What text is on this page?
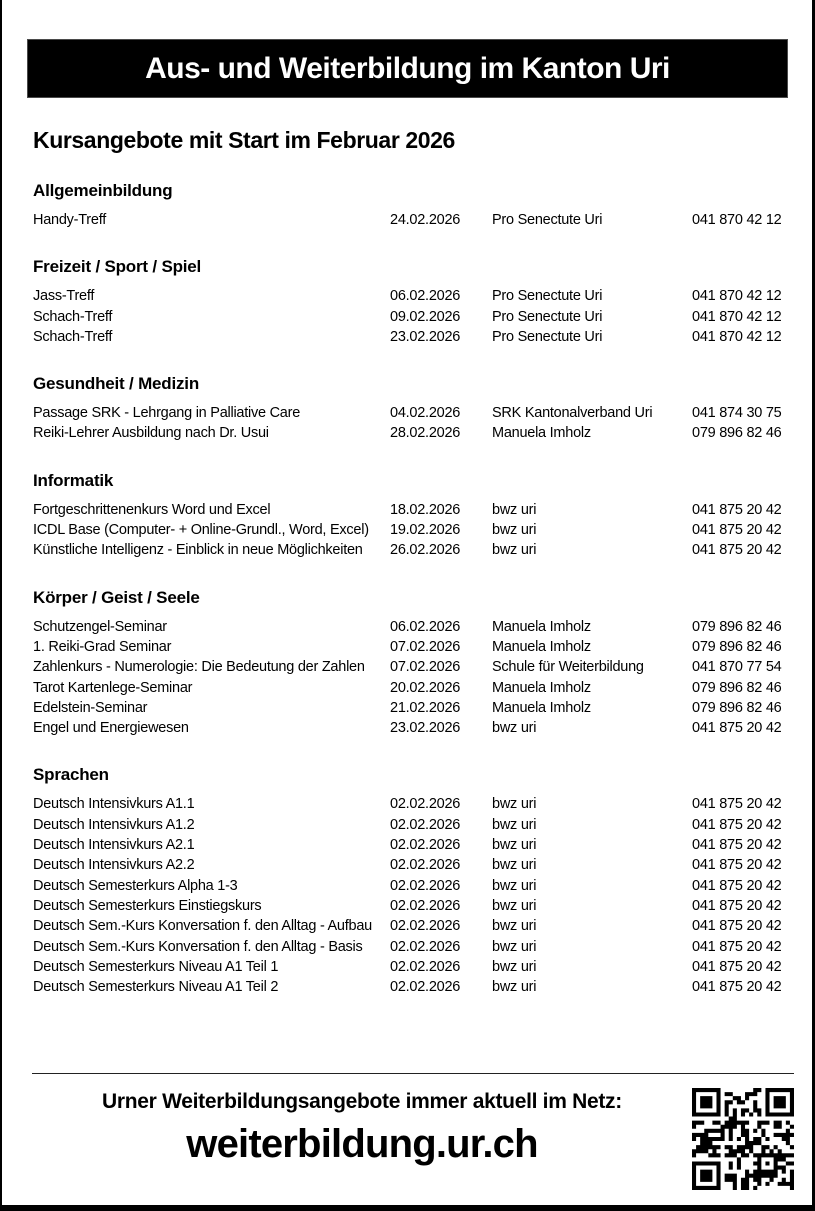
Aus- und Weiterbildung im Kanton Uri
Kursangebote mit Start im Februar 2026
Allgemeinbildung
Handy-Treff	24.02.2026	Pro Senectute Uri	041 870 42 12
Freizeit / Sport / Spiel
Jass-Treff	06.02.2026	Pro Senectute Uri	041 870 42 12
Schach-Treff	09.02.2026	Pro Senectute Uri	041 870 42 12
Schach-Treff	23.02.2026	Pro Senectute Uri	041 870 42 12
Gesundheit / Medizin
Passage SRK - Lehrgang in Palliative Care	04.02.2026	SRK Kantonalverband Uri	041 874 30 75
Reiki-Lehrer Ausbildung nach Dr. Usui	28.02.2026	Manuela Imholz	079 896 82 46
Informatik
Fortgeschrittenenkurs Word und Excel	18.02.2026	bwz uri	041 875 20 42
ICDL Base (Computer- + Online-Grundl., Word, Excel)	19.02.2026	bwz uri	041 875 20 42
Künstliche Intelligenz - Einblick in neue Möglichkeiten	26.02.2026	bwz uri	041 875 20 42
Körper / Geist / Seele
Schutzengel-Seminar	06.02.2026	Manuela Imholz	079 896 82 46
1. Reiki-Grad Seminar	07.02.2026	Manuela Imholz	079 896 82 46
Zahlenkurs - Numerologie: Die Bedeutung der Zahlen	07.02.2026	Schule für Weiterbildung	041 870 77 54
Tarot Kartenlege-Seminar	20.02.2026	Manuela Imholz	079 896 82 46
Edelstein-Seminar	21.02.2026	Manuela Imholz	079 896 82 46
Engel und Energiewesen	23.02.2026	bwz uri	041 875 20 42
Sprachen
Deutsch Intensivkurs A1.1	02.02.2026	bwz uri	041 875 20 42
Deutsch Intensivkurs A1.2	02.02.2026	bwz uri	041 875 20 42
Deutsch Intensivkurs A2.1	02.02.2026	bwz uri	041 875 20 42
Deutsch Intensivkurs A2.2	02.02.2026	bwz uri	041 875 20 42
Deutsch Semesterkurs Alpha 1-3	02.02.2026	bwz uri	041 875 20 42
Deutsch Semesterkurs Einstiegskurs	02.02.2026	bwz uri	041 875 20 42
Deutsch Sem.-Kurs Konversation f. den Alltag - Aufbau	02.02.2026	bwz uri	041 875 20 42
Deutsch Sem.-Kurs Konversation f. den Alltag - Basis	02.02.2026	bwz uri	041 875 20 42
Deutsch Semesterkurs Niveau A1 Teil 1	02.02.2026	bwz uri	041 875 20 42
Deutsch Semesterkurs Niveau A1 Teil 2	02.02.2026	bwz uri	041 875 20 42
Urner Weiterbildungsangebote immer aktuell im Netz:
weiterbildung.ur.ch
